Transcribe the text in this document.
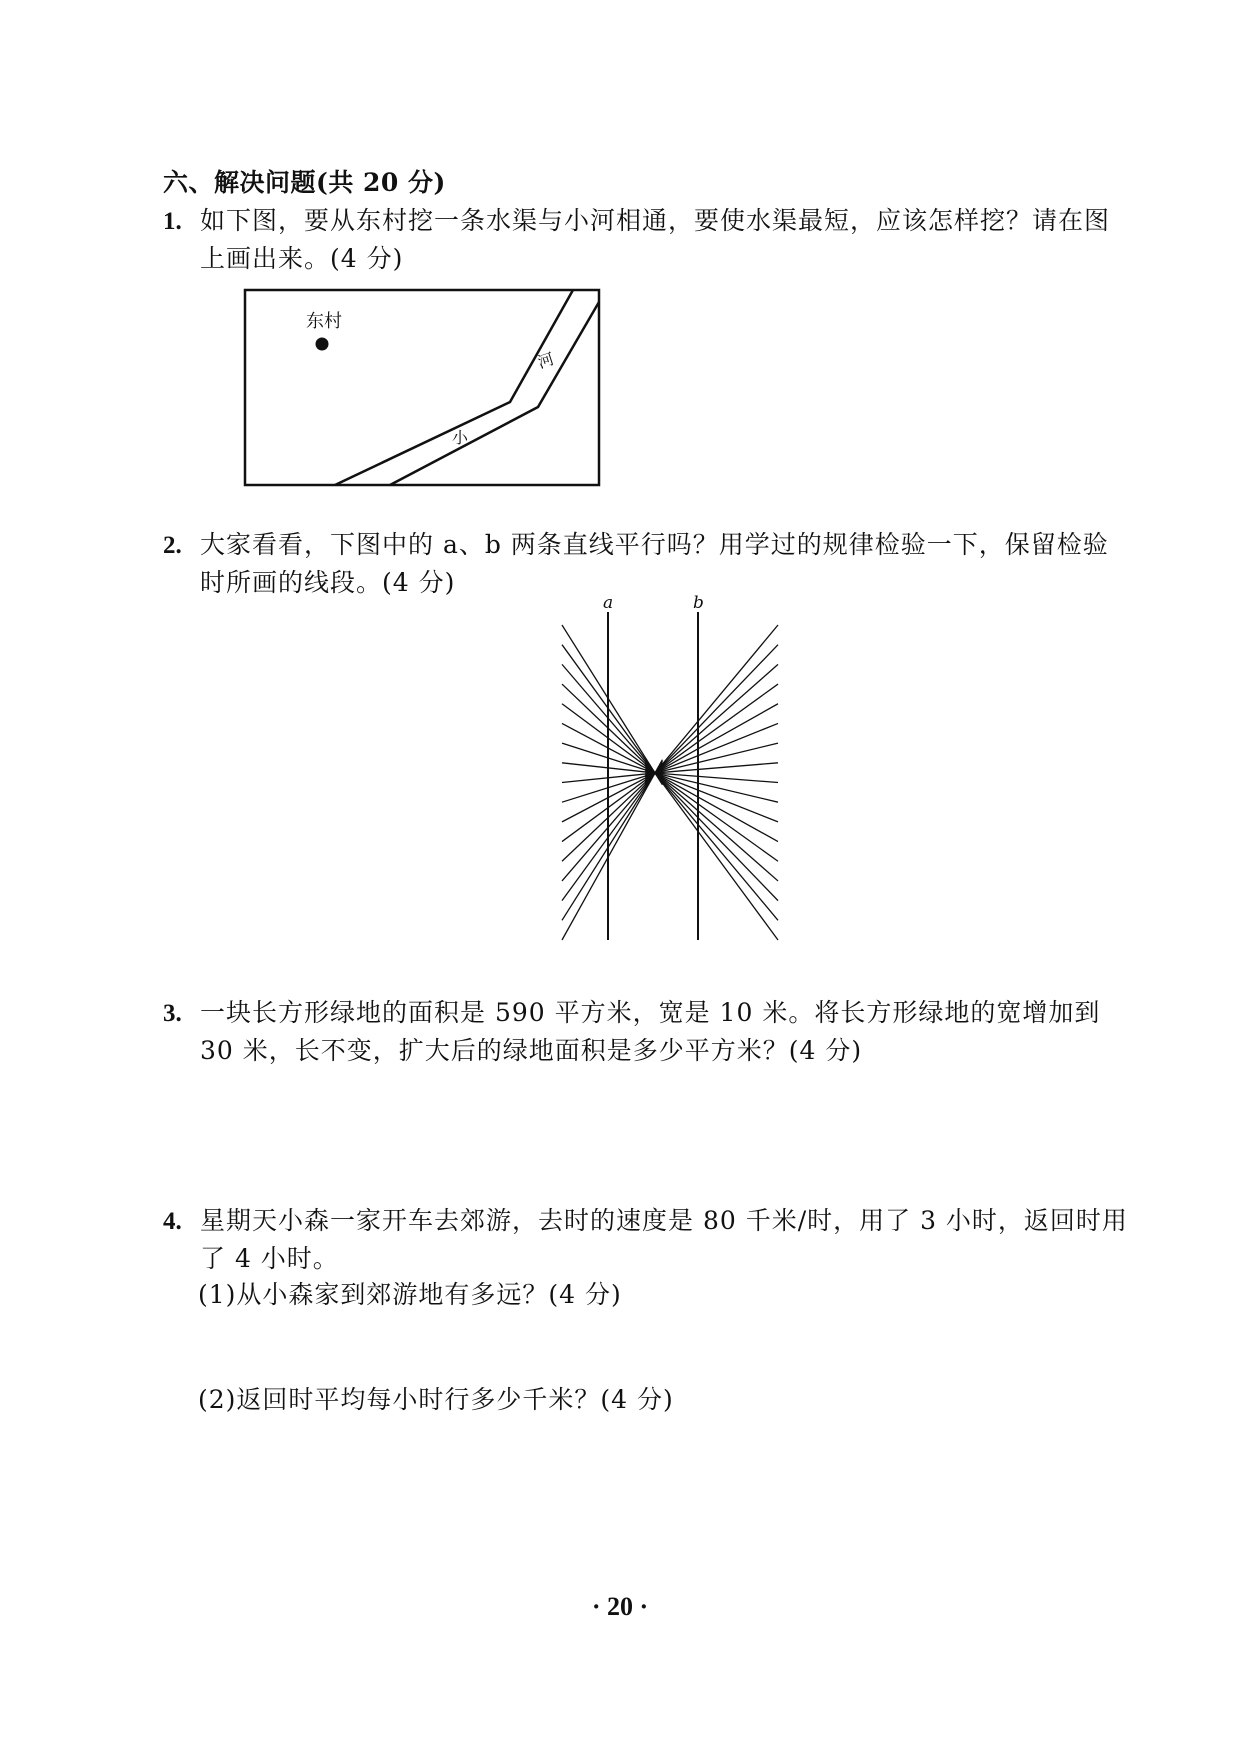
六、解决问题(共 20 分)
1. 如下图，要从东村挖一条水渠与小河相通，要使水渠最短，应该怎样挖？请在图
上画出来。(4 分)
东村
河
小
2. 大家看看，下图中的 a、b 两条直线平行吗？用学过的规律检验一下，保留检验
时所画的线段。(4 分)
a	b
3. 一块长方形绿地的面积是 590 平方米，宽是 10 米。将长方形绿地的宽增加到
30 米，长不变，扩大后的绿地面积是多少平方米？(4 分)
4. 星期天小森一家开车去郊游，去时的速度是 80 千米/时，用了 3 小时，返回时用
了 4 小时。
(1)从小森家到郊游地有多远？(4 分)
(2)返回时平均每小时行多少千米？(4 分)
· 20 ·
